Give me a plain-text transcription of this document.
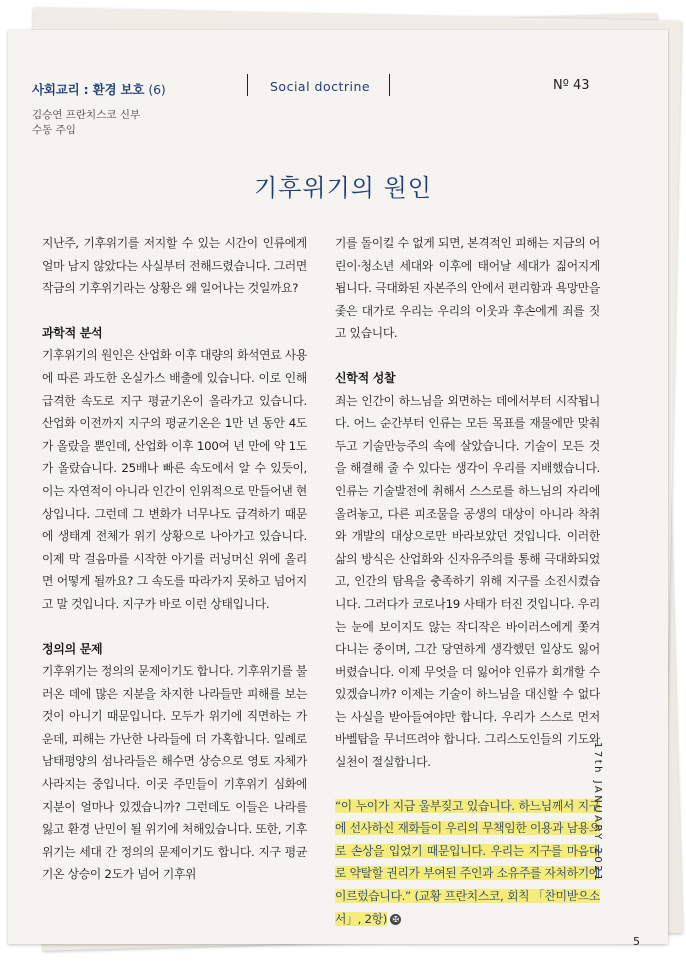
사회교리 : 환경 보호 (6)
김승연 프란치스코 신부
수동 주임
Social doctrine	Nº 43
기후위기의 원인

지난주, 기후위기를 저지할 수 있는 시간이 인류에게 얼마 남지 않았다는 사실부터 전해드렸습니다. 그러면 작금의 기후위기라는 상황은 왜 일어나는 것일까요?

과학적 분석

기후위기의 원인은 산업화 이후 대량의 화석연료 사용에 따른 과도한 온실가스 배출에 있습니다. 이로 인해 급격한 속도로 지구 평균기온이 올라가고 있습니다. 산업화 이전까지 지구의 평균기온은 1만 년 동안 4도가 올랐을 뿐인데, 산업화 이후 100여 년 만에 약 1도가 올랐습니다. 25배나 빠른 속도에서 알 수 있듯이, 이는 자연적이 아니라 인간이 인위적으로 만들어낸 현상입니다. 그런데 그 변화가 너무나도 급격하기 때문에 생태계 전체가 위기 상황으로 나아가고 있습니다. 이제 막 걸음마를 시작한 아기를 러닝머신 위에 올리면 어떻게 될까요? 그 속도를 따라가지 못하고 넘어지고 말 것입니다. 지구가 바로 이런 상태입니다.

정의의 문제

기후위기는 정의의 문제이기도 합니다. 기후위기를 불러온 데에 많은 지분을 차지한 나라들만 피해를 보는 것이 아니기 때문입니다. 모두가 위기에 직면하는 가운데, 피해는 가난한 나라들에 더 가혹합니다. 일례로 남태평양의 섬나라들은 해수면 상승으로 영토 자체가 사라지는 중입니다. 이곳 주민들이 기후위기 심화에 지분이 얼마나 있겠습니까? 그런데도 이들은 나라를 잃고 환경 난민이 될 위기에 처해있습니다. 또한, 기후위기는 세대 간 정의의 문제이기도 합니다. 지구 평균기온 상승이 2도가 넘어 기후위

기를 돌이킬 수 없게 되면, 본격적인 피해는 지금의 어린이·청소년 세대와 이후에 태어날 세대가 짊어지게 됩니다. 극대화된 자본주의 안에서 편리함과 욕망만을 좇은 대가로 우리는 우리의 이웃과 후손에게 죄를 짓고 있습니다.

신학적 성찰

죄는 인간이 하느님을 외면하는 데에서부터 시작됩니다. 어느 순간부터 인류는 모든 목표를 재물에만 맞춰 두고 기술만능주의 속에 살았습니다. 기술이 모든 것을 해결해 줄 수 있다는 생각이 우리를 지배했습니다. 인류는 기술발전에 취해서 스스로를 하느님의 자리에 올려놓고, 다른 피조물을 공생의 대상이 아니라 착취와 개발의 대상으로만 바라보았던 것입니다. 이러한 삶의 방식은 산업화와 신자유주의를 통해 극대화되었고, 인간의 탐욕을 충족하기 위해 지구를 소진시켰습니다. 그러다가 코로나19 사태가 터진 것입니다. 우리는 눈에 보이지도 않는 작디작은 바이러스에게 쫓겨 다니는 중이며, 그간 당연하게 생각했던 일상도 잃어버렸습니다. 이제 무엇을 더 잃어야 인류가 회개할 수 있겠습니까? 이제는 기술이 하느님을 대신할 수 없다는 사실을 받아들여야만 합니다. 우리가 스스로 먼저 바벨탑을 무너뜨려야 합니다. 그리스도인들의 기도와 실천이 절실합니다.

“이 누이가 지금 울부짖고 있습니다. 하느님께서 지구에 선사하신 재화들이 우리의 무책임한 이용과 남용으로 손상을 입었기 때문입니다. 우리는 지구를 마음대로 약탈할 권리가 부여된 주인과 소유주를 자처하기에 이르렀습니다.” (교황 프란치스코, 회칙 「찬미받으소서」, 2항) ✠
17th JANUARY 2021
5
